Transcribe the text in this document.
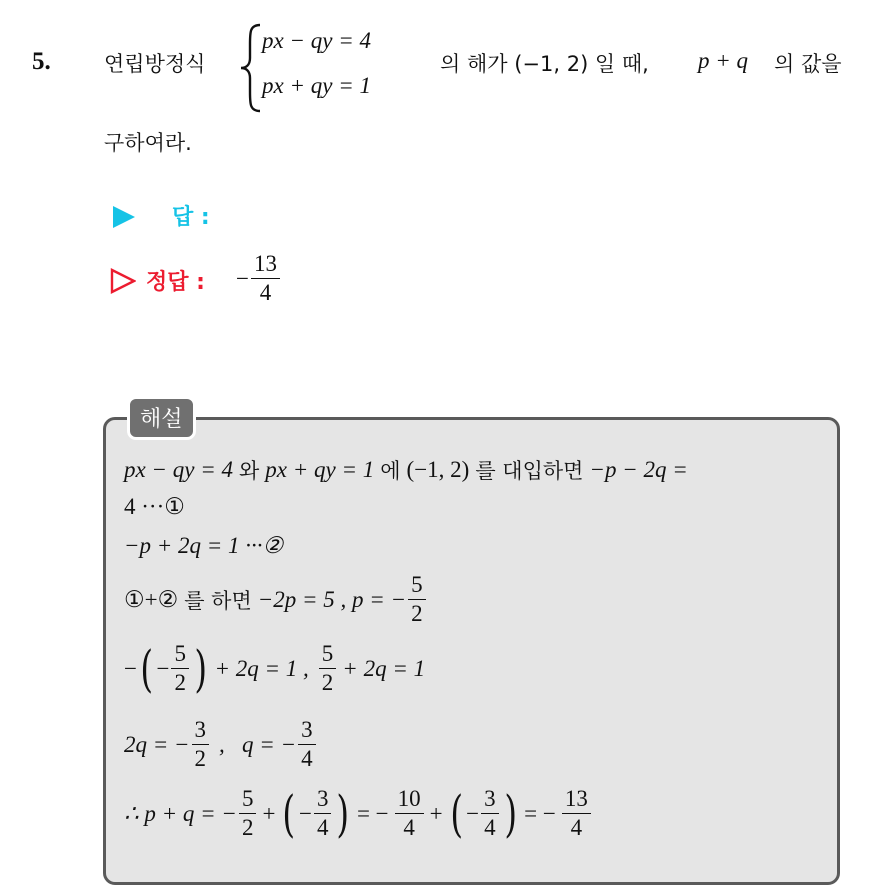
5.	연립방정식
px − qy = 4
px + qy = 1
의 해가 (−1, 2) 일 때, p + q 의 값을
구하여라.
답 :
정답 : − $\frac{13}{4}$
해설
px − qy = 4 와 px + qy = 1 에 (−1, 2) 를 대입하면 −p − 2q =
4 ···①
−p + 2q = 1 ···②
①+② 를 하면 −2p = 5 , p = − $\frac{5}{2}$
− ( − $\frac{5}{2}$ ) + 2q = 1 , $\frac{5}{2} + 2q = 1$
2q = − $\frac{3}{2}$ ,   q = − $\frac{3}{4}$
∴ p + q = − $\frac{5}{2}$ + ( − $\frac{3}{4}$ ) = − $\frac{10}{4}$ + ( − $\frac{3}{4}$ ) = − $\frac{13}{4}$
